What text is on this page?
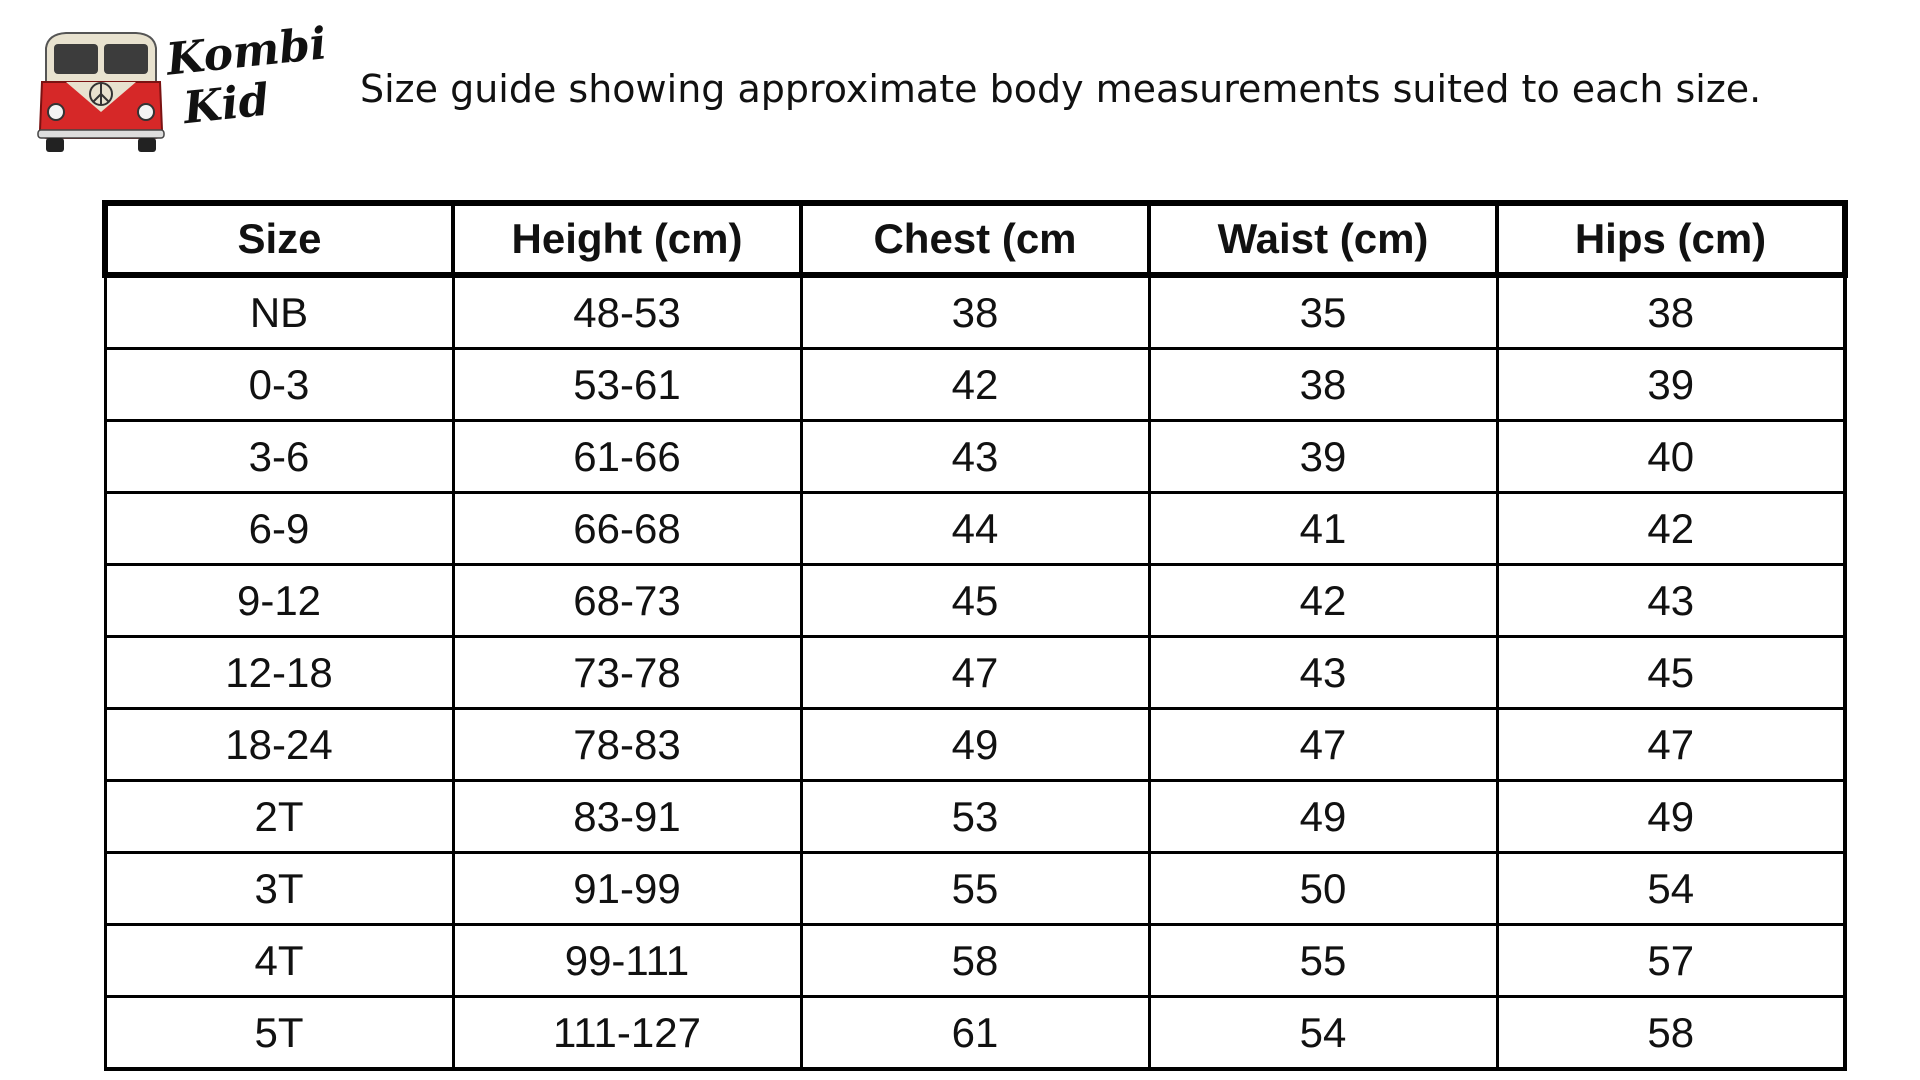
Kombi
Kid	Size guide showing approximate body measurements suited to each size.
Size	Height (cm)	Chest (cm	Waist (cm)	Hips (cm)
NB	48-53	38	35	38
0-3	53-61	42	38	39
3-6	61-66	43	39	40
6-9	66-68	44	41	42
9-12	68-73	45	42	43
12-18	73-78	47	43	45
18-24	78-83	49	47	47
2T	83-91	53	49	49
3T	91-99	55	50	54
4T	99-111	58	55	57
5T	111-127	61	54	58
